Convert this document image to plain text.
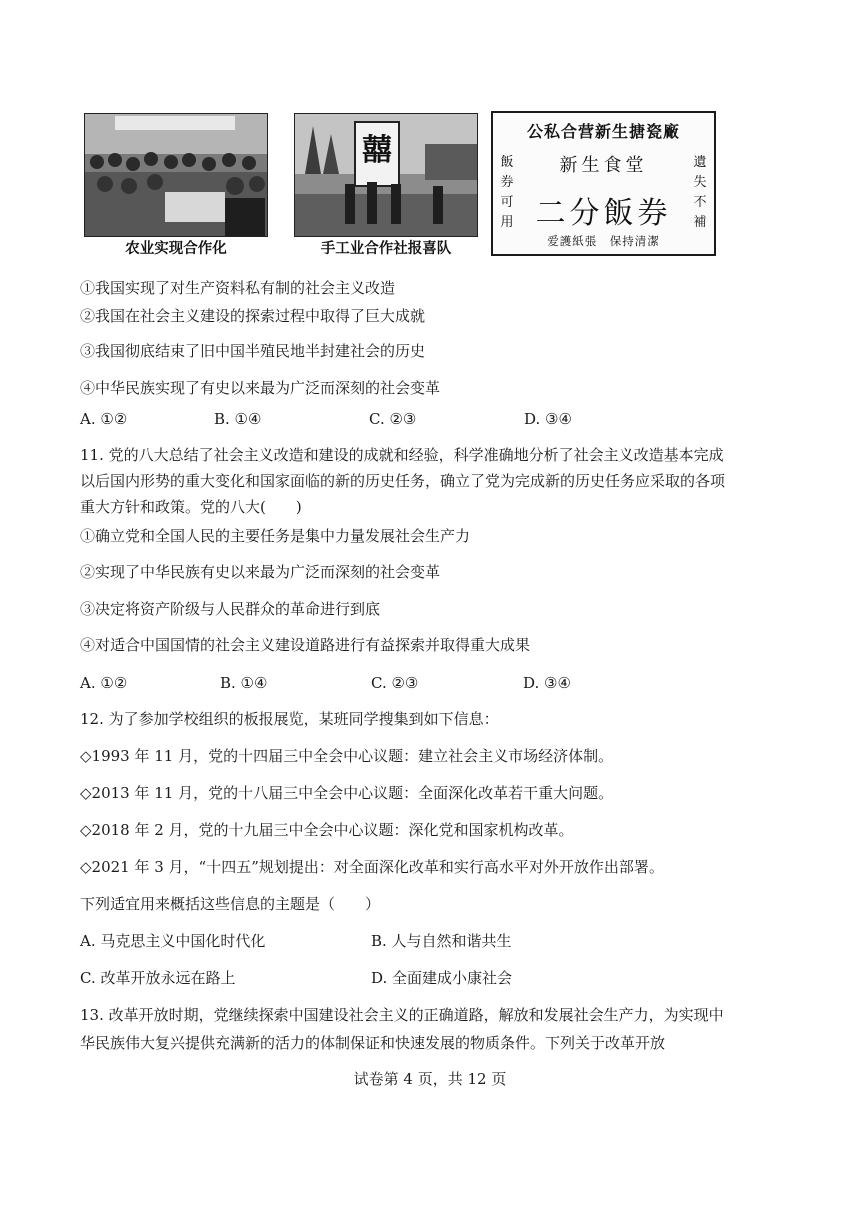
农业实现合作化
囍
手工业合作社报喜队
公私合营新生搪瓷廠
新生食堂
二分飯券
飯
券
可
用
遺
失
不
補
爱護紙張　保持清潔
①我国实现了对生产资料私有制的社会主义改造
②我国在社会主义建设的探索过程中取得了巨大成就
③我国彻底结束了旧中国半殖民地半封建社会的历史
④中华民族实现了有史以来最为广泛而深刻的社会变革
A. ①②	B. ①④	C. ②③	D. ③④
11. 党的八大总结了社会主义改造和建设的成就和经验，科学准确地分析了社会主义改造基本完成
以后国内形势的重大变化和国家面临的新的历史任务，确立了党为完成新的历史任务应采取的各项
重大方针和政策。党的八大(　　)
①确立党和全国人民的主要任务是集中力量发展社会生产力
②实现了中华民族有史以来最为广泛而深刻的社会变革
③决定将资产阶级与人民群众的革命进行到底
④对适合中国国情的社会主义建设道路进行有益探索并取得重大成果
A. ①②	B. ①④	C. ②③	D. ③④
12. 为了参加学校组织的板报展览，某班同学搜集到如下信息：
◇1993 年 11 月，党的十四届三中全会中心议题：建立社会主义市场经济体制。
◇2013 年 11 月，党的十八届三中全会中心议题：全面深化改革若干重大问题。
◇2018 年 2 月，党的十九届三中全会中心议题：深化党和国家机构改革。
◇2021 年 3 月，“十四五”规划提出：对全面深化改革和实行高水平对外开放作出部署。
下列适宜用来概括这些信息的主题是（　　）
A. 马克思主义中国化时代化	B. 人与自然和谐共生
C. 改革开放永远在路上	D. 全面建成小康社会
13. 改革开放时期，党继续探索中国建设社会主义的正确道路，解放和发展社会生产力，为实现中
华民族伟大复兴提供充满新的活力的体制保证和快速发展的物质条件。下列关于改革开放
试卷第 4 页，共 12 页
